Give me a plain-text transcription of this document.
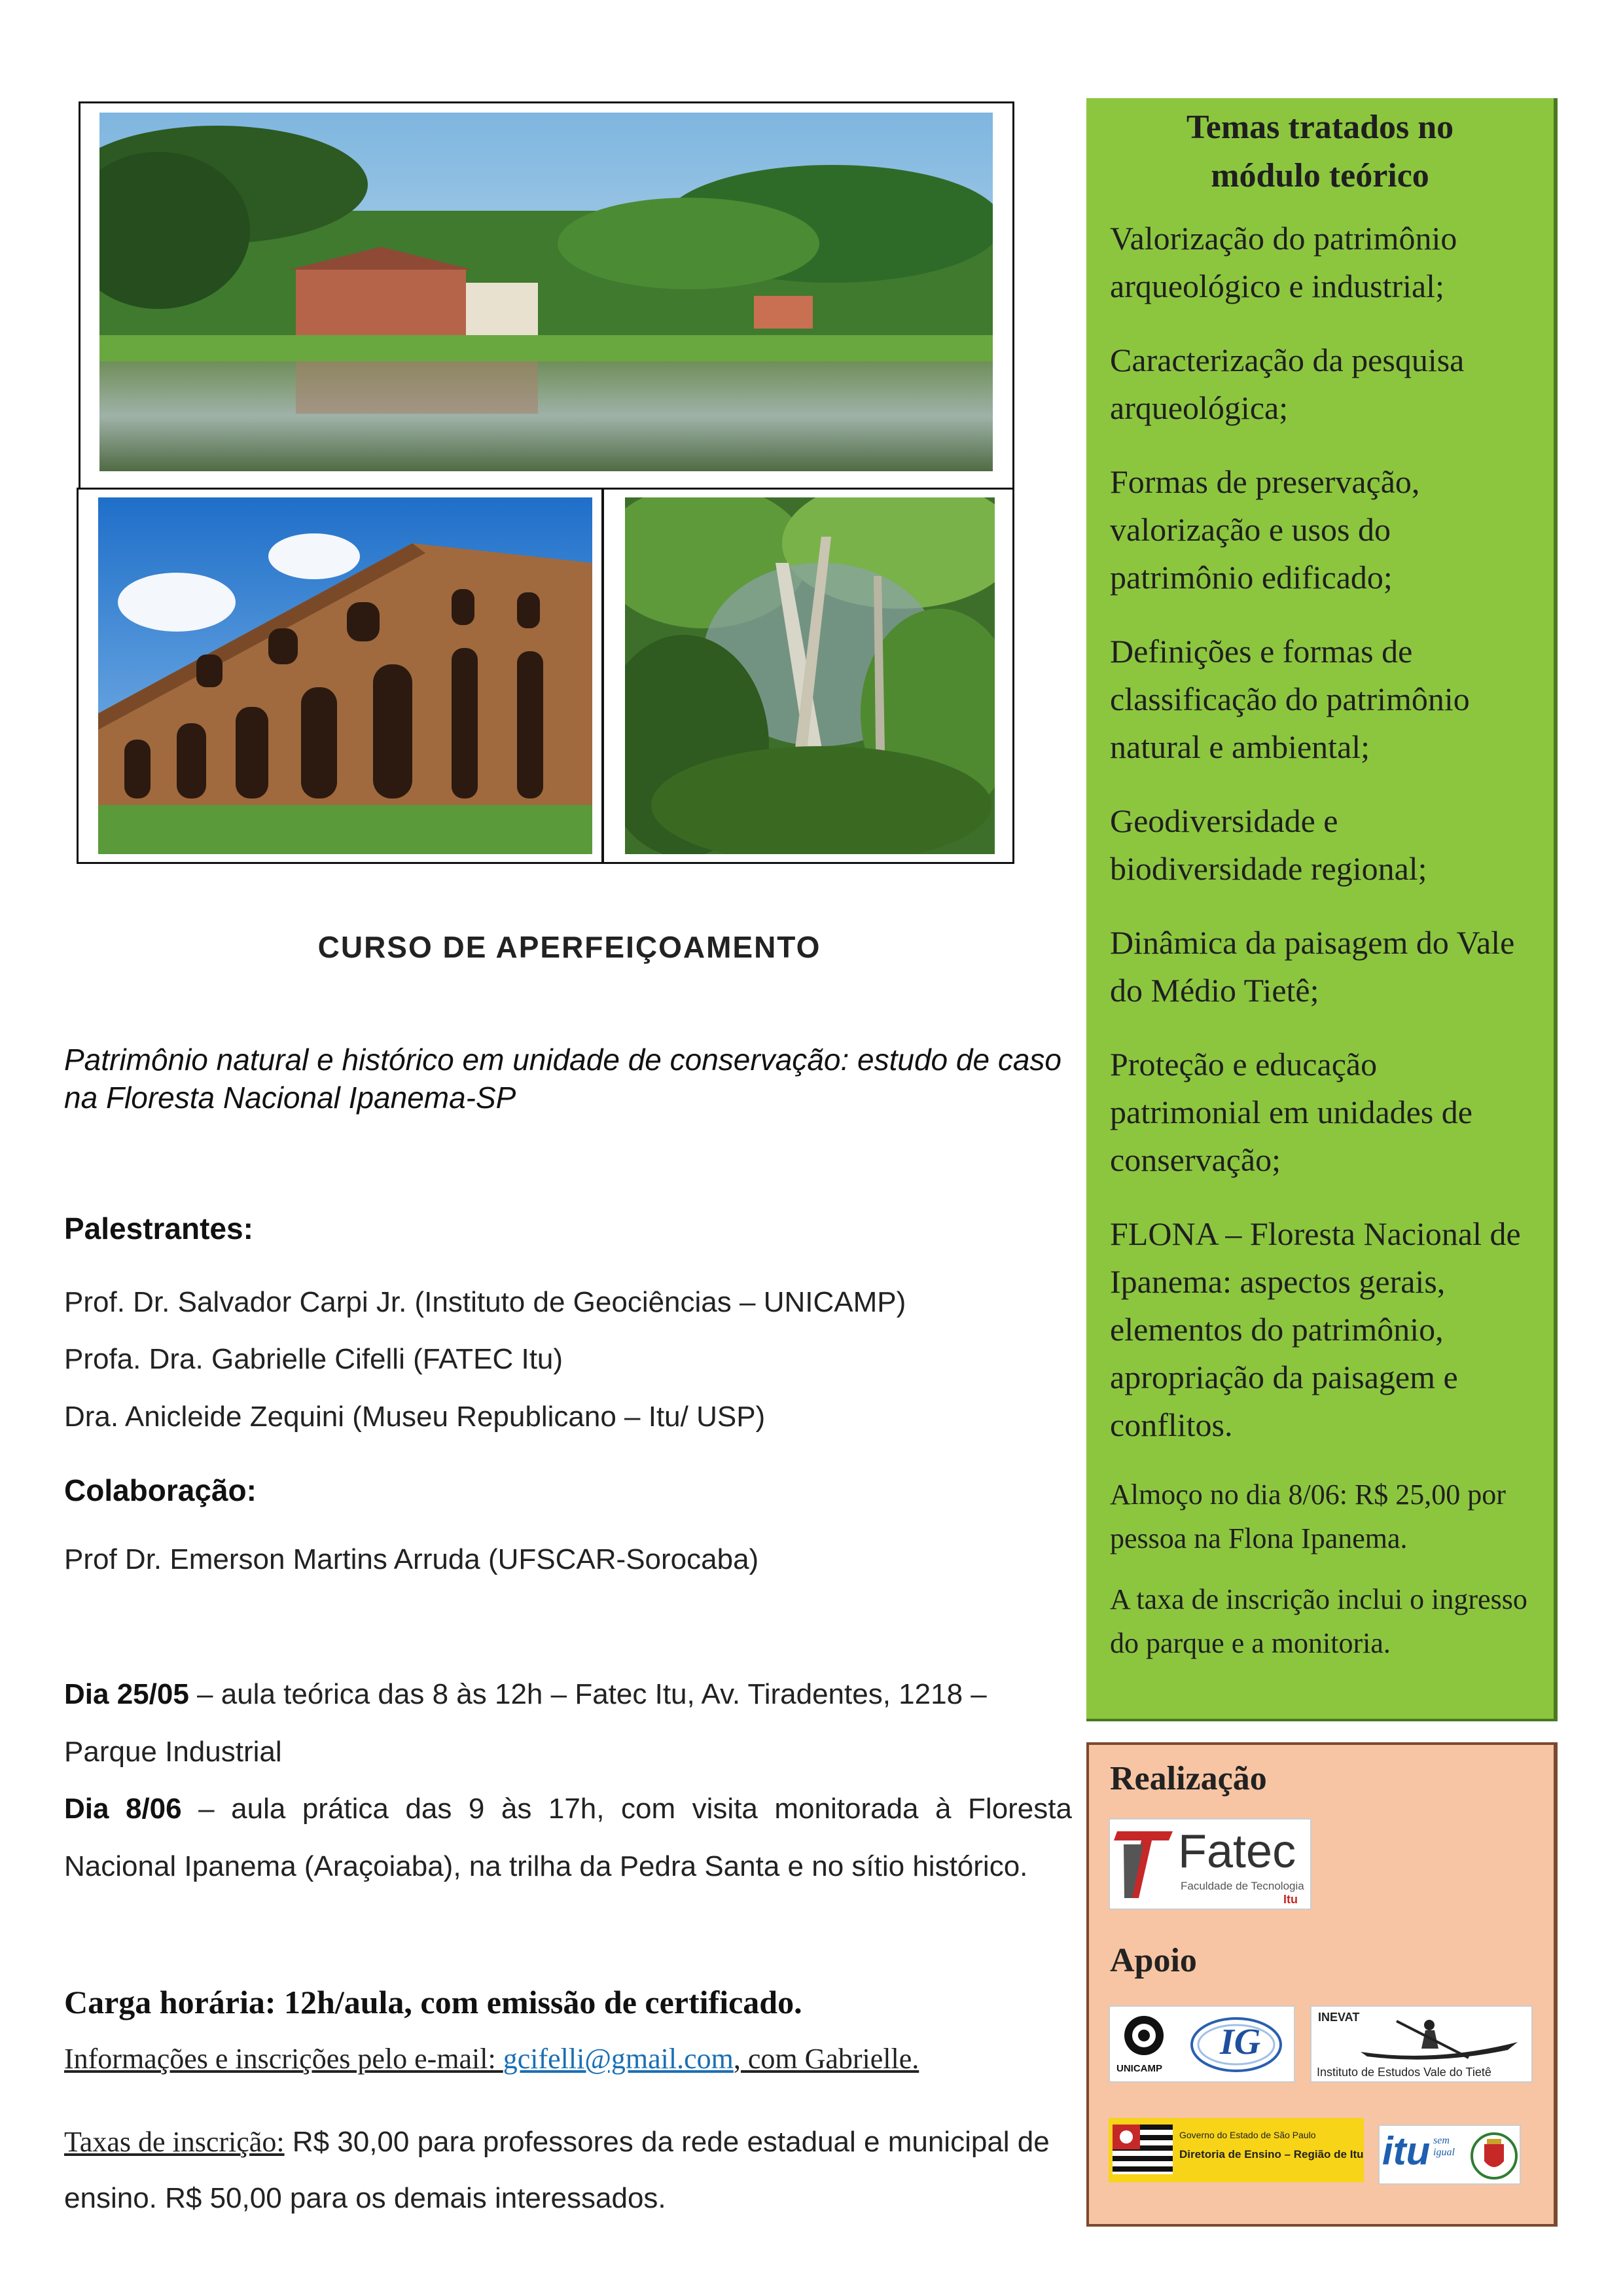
CURSO DE APERFEIÇOAMENTO
Patrimônio natural e histórico em unidade de conservação: estudo de caso na Floresta Nacional Ipanema-SP
Palestrantes:
Prof. Dr. Salvador Carpi Jr. (Instituto de Geociências – UNICAMP)
Profa. Dra. Gabrielle Cifelli (FATEC Itu)
Dra. Anicleide Zequini (Museu Republicano – Itu/ USP)
Colaboração:
Prof Dr. Emerson Martins Arruda (UFSCAR-Sorocaba)
Dia 25/05 – aula teórica das 8 às 12h – Fatec Itu, Av. Tiradentes, 1218 – Parque Industrial
Dia 8/06 – aula prática das 9 às 17h, com visita monitorada à Floresta Nacional Ipanema (Araçoiaba), na trilha da Pedra Santa e no sítio histórico.
Carga horária: 12h/aula, com emissão de certificado.
Informações e inscrições pelo e-mail: gcifelli@gmail.com, com Gabrielle.
Taxas de inscrição: R$ 30,00 para professores da rede estadual e municipal de ensino. R$ 50,00 para os demais interessados.
Temas tratados no
módulo teórico
Valorização do patrimônio arqueológico e industrial;
Caracterização da pesquisa arqueológica;
Formas de preservação, valorização e usos do patrimônio edificado;
Definições e formas de classificação do patrimônio natural e ambiental;
Geodiversidade e biodiversidade regional;
Dinâmica da paisagem do Vale do Médio Tietê;
Proteção e educação patrimonial em unidades de conservação;
FLONA – Floresta Nacional de Ipanema: aspectos gerais, elementos do patrimônio, apropriação da paisagem e conflitos.
Almoço no dia 8/06: R$ 25,00 por pessoa na Flona Ipanema.
A taxa de inscrição inclui o ingresso do parque e a monitoria.
Realização
Fatec
Faculdade de Tecnologia
Itu
Apoio
UNICAMP
IG
INEVAT
Instituto de Estudos Vale do Tietê
Governo do Estado de São Paulo
Diretoria de Ensino – Região de Itu itu sem igual
